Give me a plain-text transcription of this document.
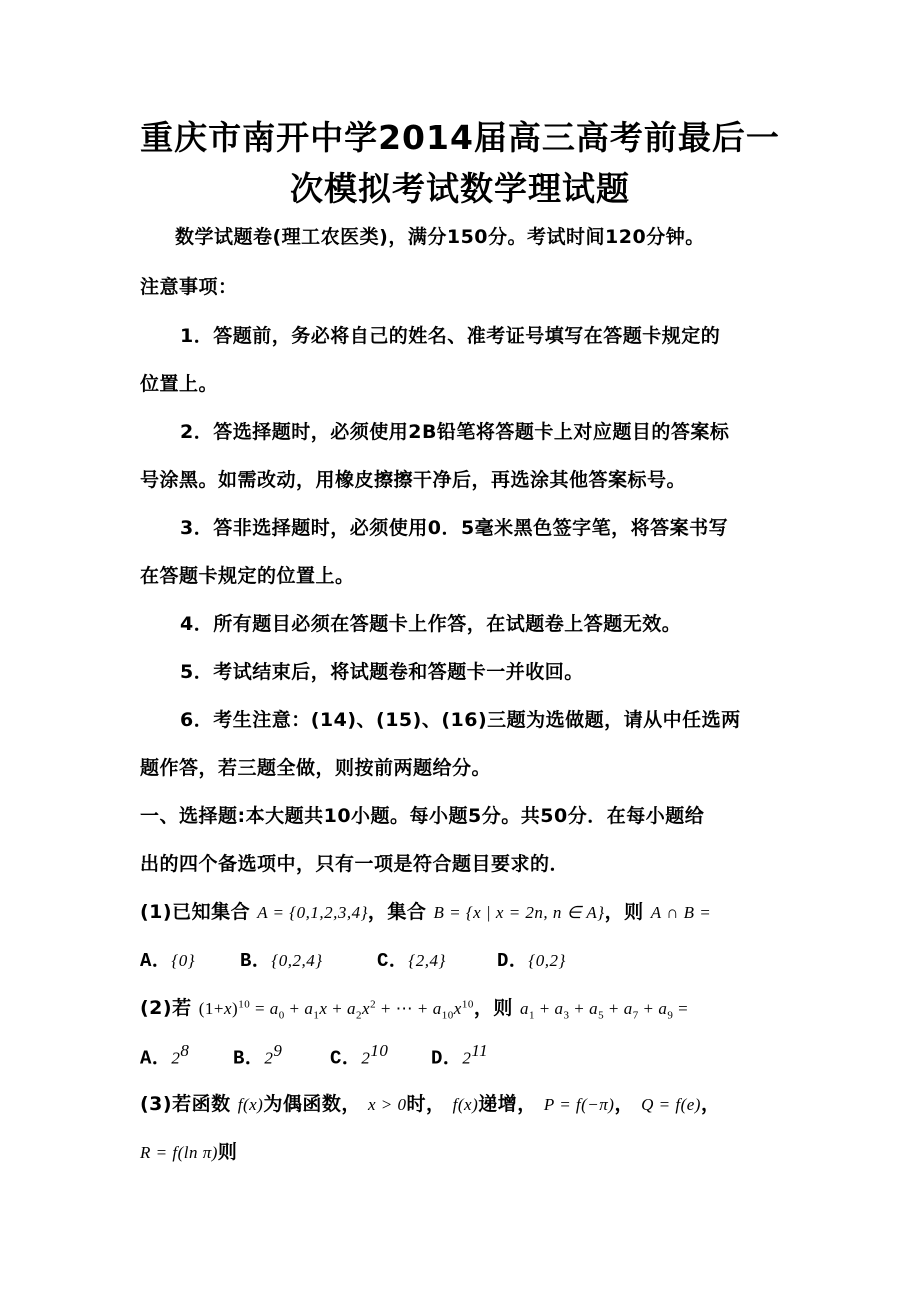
重庆市南开中学2014届高三高考前最后一
次模拟考试数学理试题
数学试题卷(理工农医类)，满分150分。考试时间120分钟。
注意事项：
1．答题前，务必将自己的姓名、准考证号填写在答题卡规定的
位置上。
2．答选择题时，必须使用2B铅笔将答题卡上对应题目的答案标
号涂黑。如需改动，用橡皮擦擦干净后，再选涂其他答案标号。
3．答非选择题时，必须使用0．5毫米黑色签字笔，将答案书写
在答题卡规定的位置上。
4．所有题目必须在答题卡上作答，在试题卷上答题无效。
5．考试结束后，将试题卷和答题卡一并收回。
6．考生注意：(14)、(15)、(16)三题为选做题，请从中任选两
题作答，若三题全做，则按前两题给分。
一、选择题:本大题共10小题。每小题5分。共50分．在每小题给
出的四个备选项中，只有一项是符合题目要求的．
(1)已知集合 A = {0,1,2,3,4}，集合 B = {x | x = 2n, n ∈ A}，则 A ∩ B =
A．{0} B．{0,2,4}	C．{2,4}	D．{0,2}
(2)若 $(1+x)^{10} = a_0 + a_1x + a_2x^2$ + ⋯ + $a_{10}x^{10}$，则 $a_1 + a_3 + a_5 + a_7 + a_9$ =
A．$2^8$ B．$2^9$	C．$2^{10}$ D．$2^{11}$
(3)若函数 f(x)为偶函数， x > 0时， f(x)递增， P = f(−π)， Q = f(e)，
R = f(ln π)则
